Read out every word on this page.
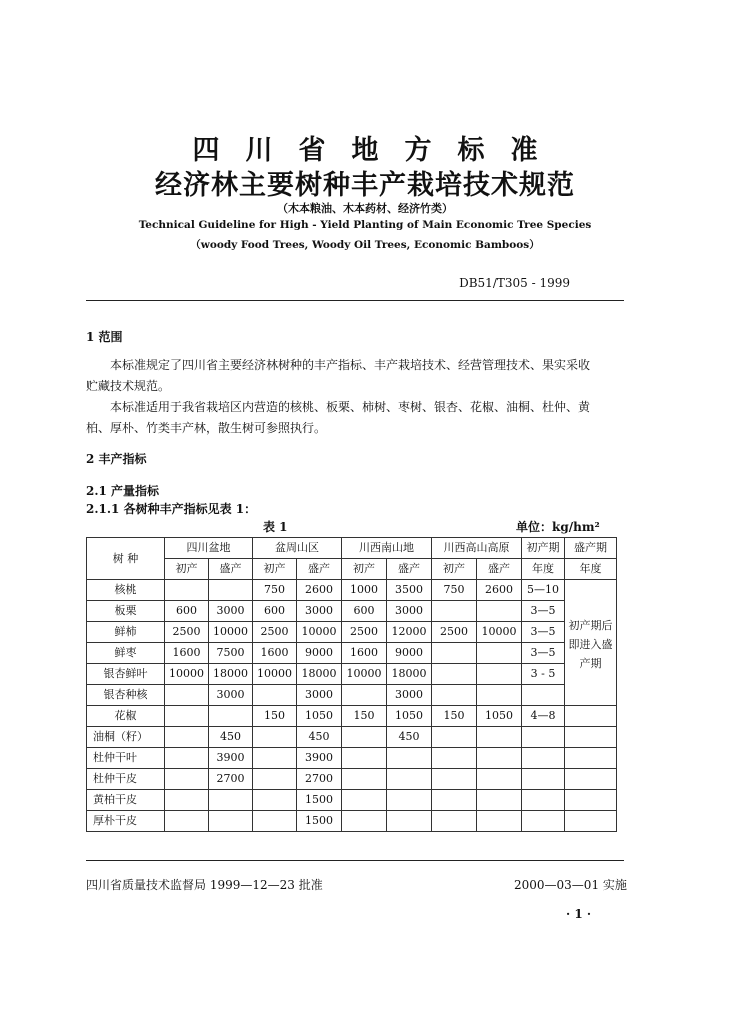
四川省地方标准
经济林主要树种丰产栽培技术规范
（木本粮油、木本药材、经济竹类）
Technical Guideline for High - Yield Planting of Main Economic Tree Species
（woody Food Trees, Woody Oil Trees, Economic Bamboos）
DB51/T305 - 1999
1 范围
本标准规定了四川省主要经济林树种的丰产指标、丰产栽培技术、经营管理技术、果实采收
贮藏技术规范。
本标准适用于我省栽培区内营造的核桃、板栗、柿树、枣树、银杏、花椒、油桐、杜仲、黄
柏、厚朴、竹类丰产林，散生树可参照执行。
2 丰产指标
2.1 产量指标
2.1.1 各树种丰产指标见表 1：
表 1	单位：kg/hm²
树 种	四川盆地		盆周山区		川西南山地		川西高山高原		初产期	盛产期
	初产	盛产	初产	盛产	初产	盛产	初产	盛产	年度	年度
核桃			750	2600	1000	3500	750	2600	5—10	初产期后即进入盛产期
板栗	600	3000	600	3000	600	3000			3—5	
鲜柿	2500	10000	2500	10000	2500	12000	2500	10000	3—5	
鲜枣	1600	7500	1600	9000	1600	9000			3—5	
银杏鲜叶	10000	18000	10000	18000	10000	18000			3 - 5	
银杏种核		3000		3000		3000				
花椒			150	1050	150	1050	150	1050	4—8	
油桐（籽）		450		450		450				
杜仲干叶		3900		3900						
杜仲干皮		2700		2700						
黄柏干皮				1500						
厚朴干皮				1500						
四川省质量技术监督局 1999—12—23 批准	2000—03—01 实施
· 1 ·
